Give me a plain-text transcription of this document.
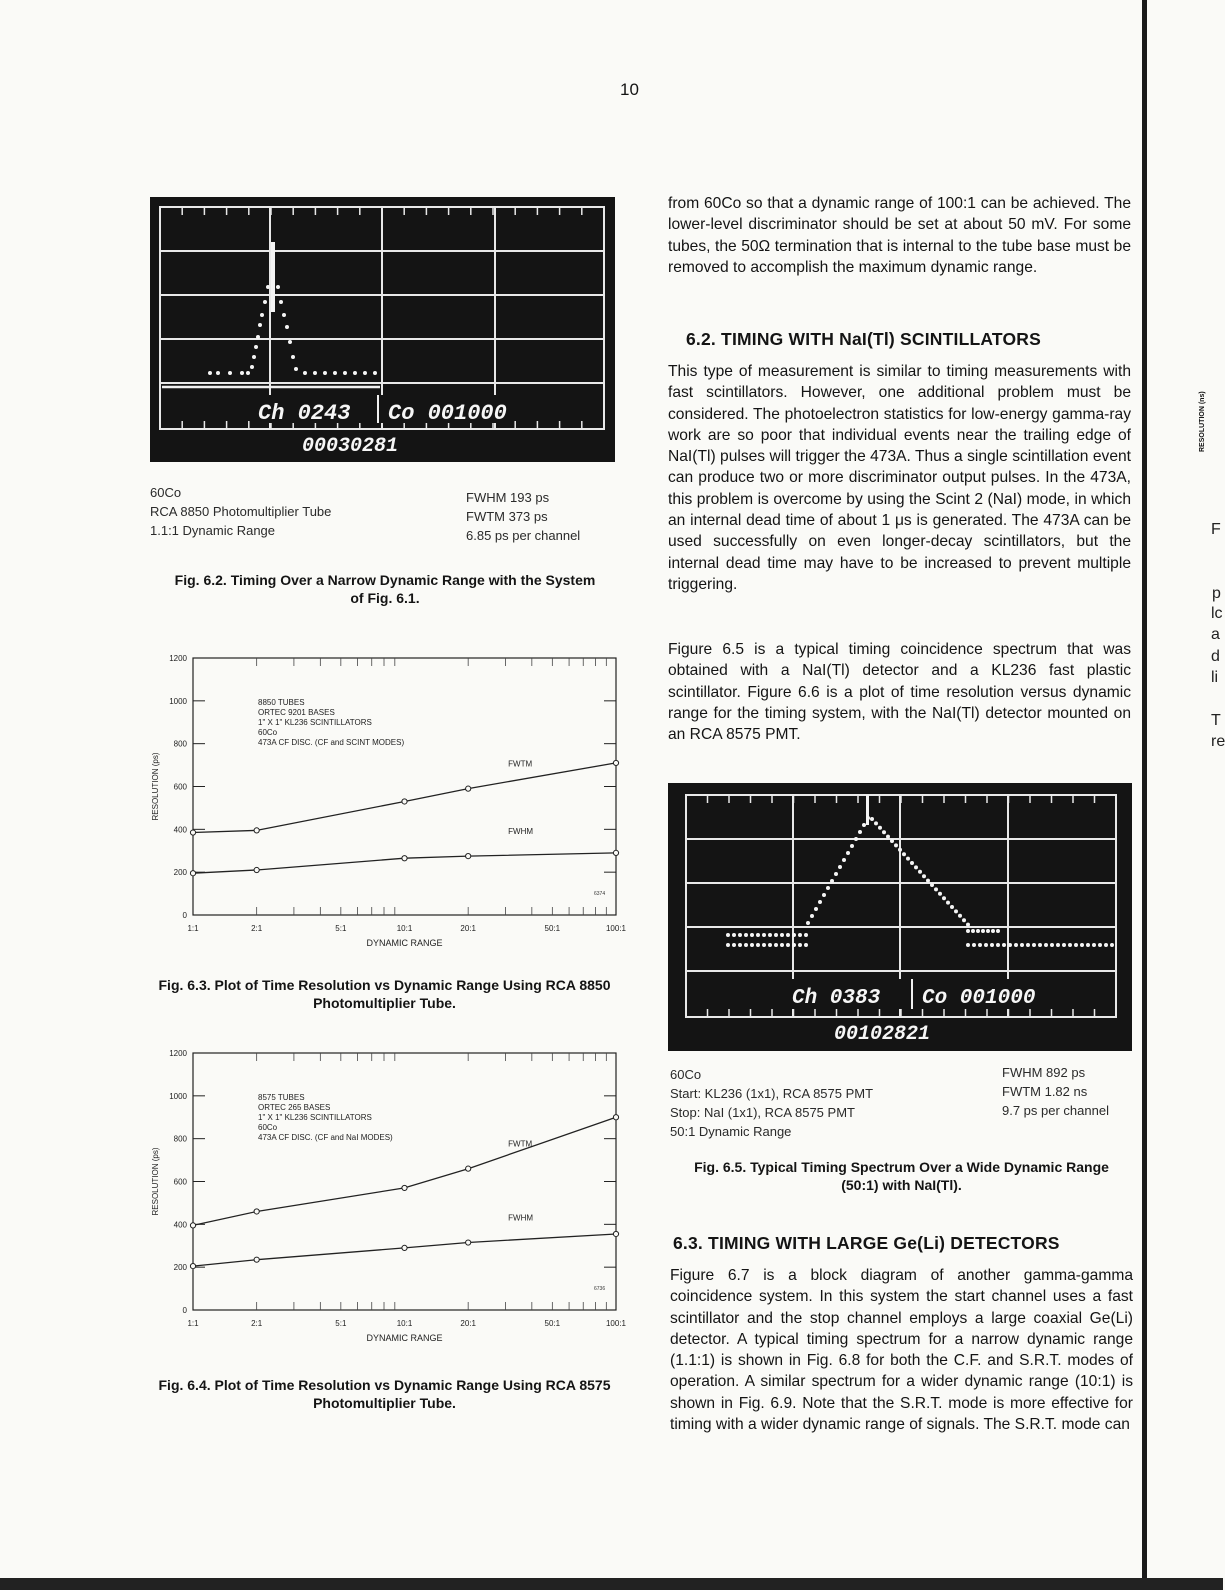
10
Ch 0243 Co 001000
00030281
60Co
RCA 8850 Photomultiplier Tube
1.1:1 Dynamic Range
FWHM 193 ps
FWTM 373 ps
6.85 ps per channel
Fig. 6.2. Timing Over a Narrow Dynamic Range with the System of Fig. 6.1.
0
200
400
600
800
1000
1200
1:1	2:1	5:1	10:1	20:1	50:1	100:1
FWTM
FWHM
8850 TUBES
ORTEC 9201 BASES
1" X 1" KL236 SCINTILLATORS
60Co
473A CF DISC. (CF and SCINT MODES)
DYNAMIC RANGE
RESOLUTION (ps)
6374
Fig. 6.3. Plot of Time Resolution vs Dynamic Range Using RCA 8850 Photomultiplier Tube.
0
200
400
600
800
1000
1200
1:1	2:1	5:1	10:1	20:1	50:1	100:1
FWTM
FWHM
8575 TUBES
ORTEC 265 BASES
1" X 1" KL236 SCINTILLATORS
60Co
473A CF DISC. (CF and NaI MODES)
DYNAMIC RANGE
RESOLUTION (ps)
6736
Fig. 6.4. Plot of Time Resolution vs Dynamic Range Using RCA 8575 Photomultiplier Tube.

from 60Co so that a dynamic range of 100:1 can be achieved. The lower-level discriminator should be set at about 50 mV. For some tubes, the 50Ω termination that is internal to the tube base must be removed to accomplish the maximum dynamic range.

6.2. TIMING WITH NaI(Tl) SCINTILLATORS

This type of measurement is similar to timing measurements with fast scintillators. However, one additional problem must be considered. The photoelectron statistics for low-energy gamma-ray work are so poor that individual events near the trailing edge of NaI(Tl) pulses will trigger the 473A. Thus a single scintillation event can produce two or more discriminator output pulses. In the 473A, this problem is overcome by using the Scint 2 (NaI) mode, in which an internal dead time of about 1 μs is generated. The 473A can be used successfully on even longer-decay scintillators, but the internal dead time may have to be increased to prevent multiple triggering.

Figure 6.5 is a typical timing coincidence spectrum that was obtained with a NaI(Tl) detector and a KL236 fast plastic scintillator. Figure 6.6 is a plot of time resolution versus dynamic range for the timing system, with the NaI(Tl) detector mounted on an RCA 8575 PMT.

Ch 0383 Co 001000
00102821
60Co
Start: KL236 (1x1), RCA 8575 PMT
Stop: NaI (1x1), RCA 8575 PMT
50:1 Dynamic Range
FWHM 892 ps
FWTM 1.82 ns
9.7 ps per channel
Fig. 6.5. Typical Timing Spectrum Over a Wide Dynamic Range (50:1) with NaI(Tl).
6.3. TIMING WITH LARGE Ge(Li) DETECTORS

Figure 6.7 is a block diagram of another gamma-gamma coincidence system. In this system the start channel uses a fast scintillator and the stop channel employs a large coaxial Ge(Li) detector. A typical timing spectrum for a narrow dynamic range (1.1:1) is shown in Fig. 6.8 for both the C.F. and S.R.T. modes of operation. A similar spectrum for a wider dynamic range (10:1) is shown in Fig. 6.9. Note that the S.R.T. mode is more effective for timing with a wider dynamic range of signals. The S.R.T. mode can

RESOLUTION (ns)
F
p
lc
a
d
li
T
re
